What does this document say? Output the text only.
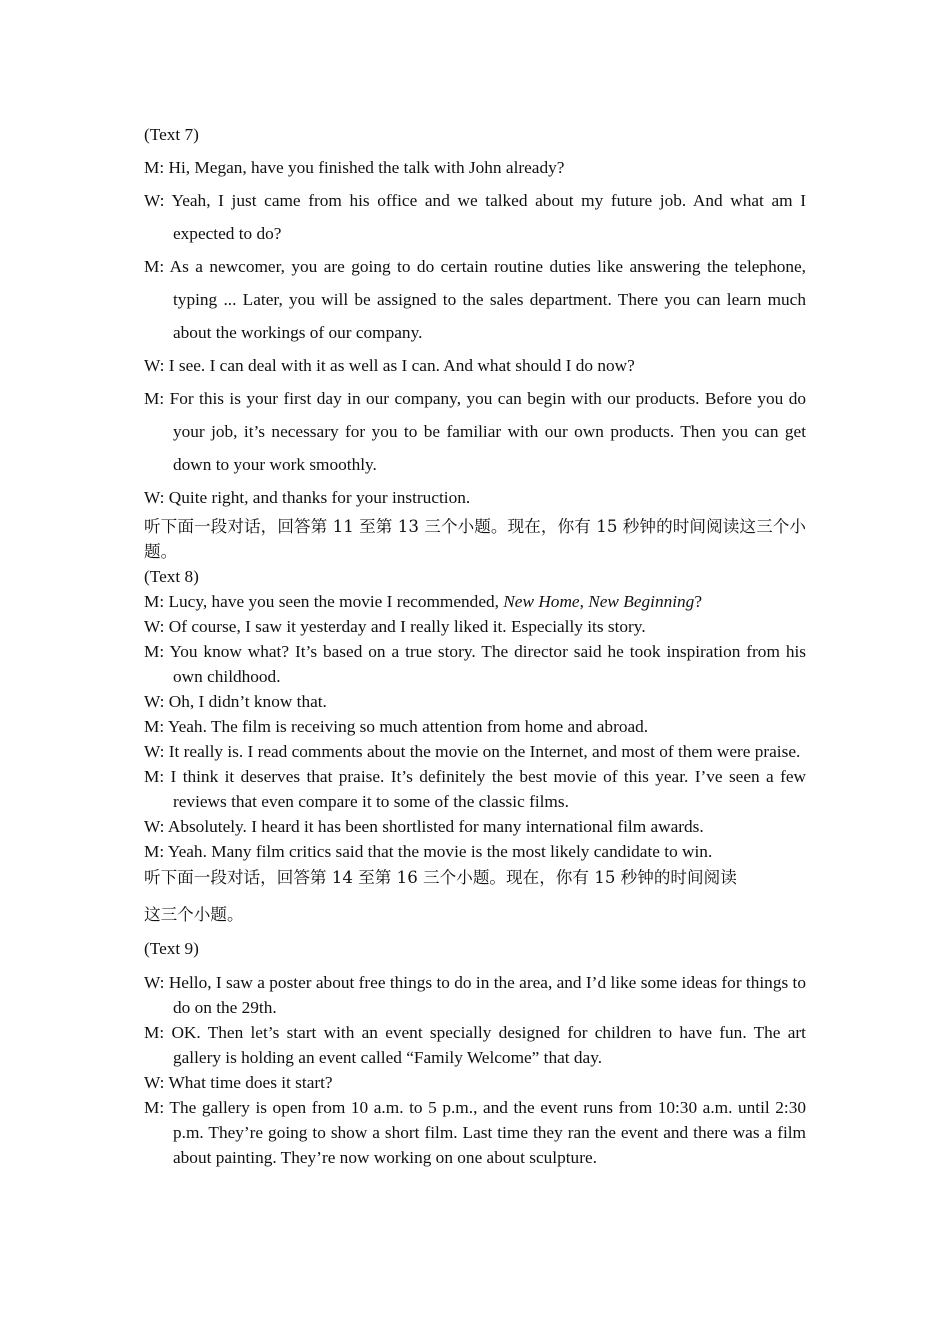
(Text 7)
M: Hi, Megan, have you finished the talk with John already?
W: Yeah, I just came from his office and we talked about my future job. And what am I expected to do?
M: As a newcomer, you are going to do certain routine duties like answering the telephone, typing ... Later, you will be assigned to the sales department. There you can learn much about the workings of our company.
W: I see. I can deal with it as well as I can. And what should I do now?
M: For this is your first day in our company, you can begin with our products. Before you do your job, it’s necessary for you to be familiar with our own products. Then you can get down to your work smoothly.
W: Quite right, and thanks for your instruction.
听下面一段对话，回答第 11 至第 13 三个小题。现在，你有 15 秒钟的时间阅读这三个小题。
(Text 8)
M: Lucy, have you seen the movie I recommended, New Home, New Beginning?
W: Of course, I saw it yesterday and I really liked it. Especially its story.
M: You know what? It’s based on a true story. The director said he took inspiration from his own childhood.
W: Oh, I didn’t know that.
M: Yeah. The film is receiving so much attention from home and abroad.
W: It really is. I read comments about the movie on the Internet, and most of them were praise.
M: I think it deserves that praise. It’s definitely the best movie of this year. I’ve seen a few reviews that even compare it to some of the classic films.
W: Absolutely. I heard it has been shortlisted for many international film awards.
M: Yeah. Many film critics said that the movie is the most likely candidate to win.
听下面一段对话，回答第 14 至第 16 三个小题。现在，你有 15 秒钟的时间阅读
这三个小题。
(Text 9)
W: Hello, I saw a poster about free things to do in the area, and I’d like some ideas for things to do on the 29th.
M: OK. Then let’s start with an event specially designed for children to have fun. The art gallery is holding an event called “Family Welcome” that day.
W: What time does it start?
M: The gallery is open from 10 a.m. to 5 p.m., and the event runs from 10:30 a.m. until 2:30 p.m. They’re going to show a short film. Last time they ran the event and there was a film about painting. They’re now working on one about sculpture.
